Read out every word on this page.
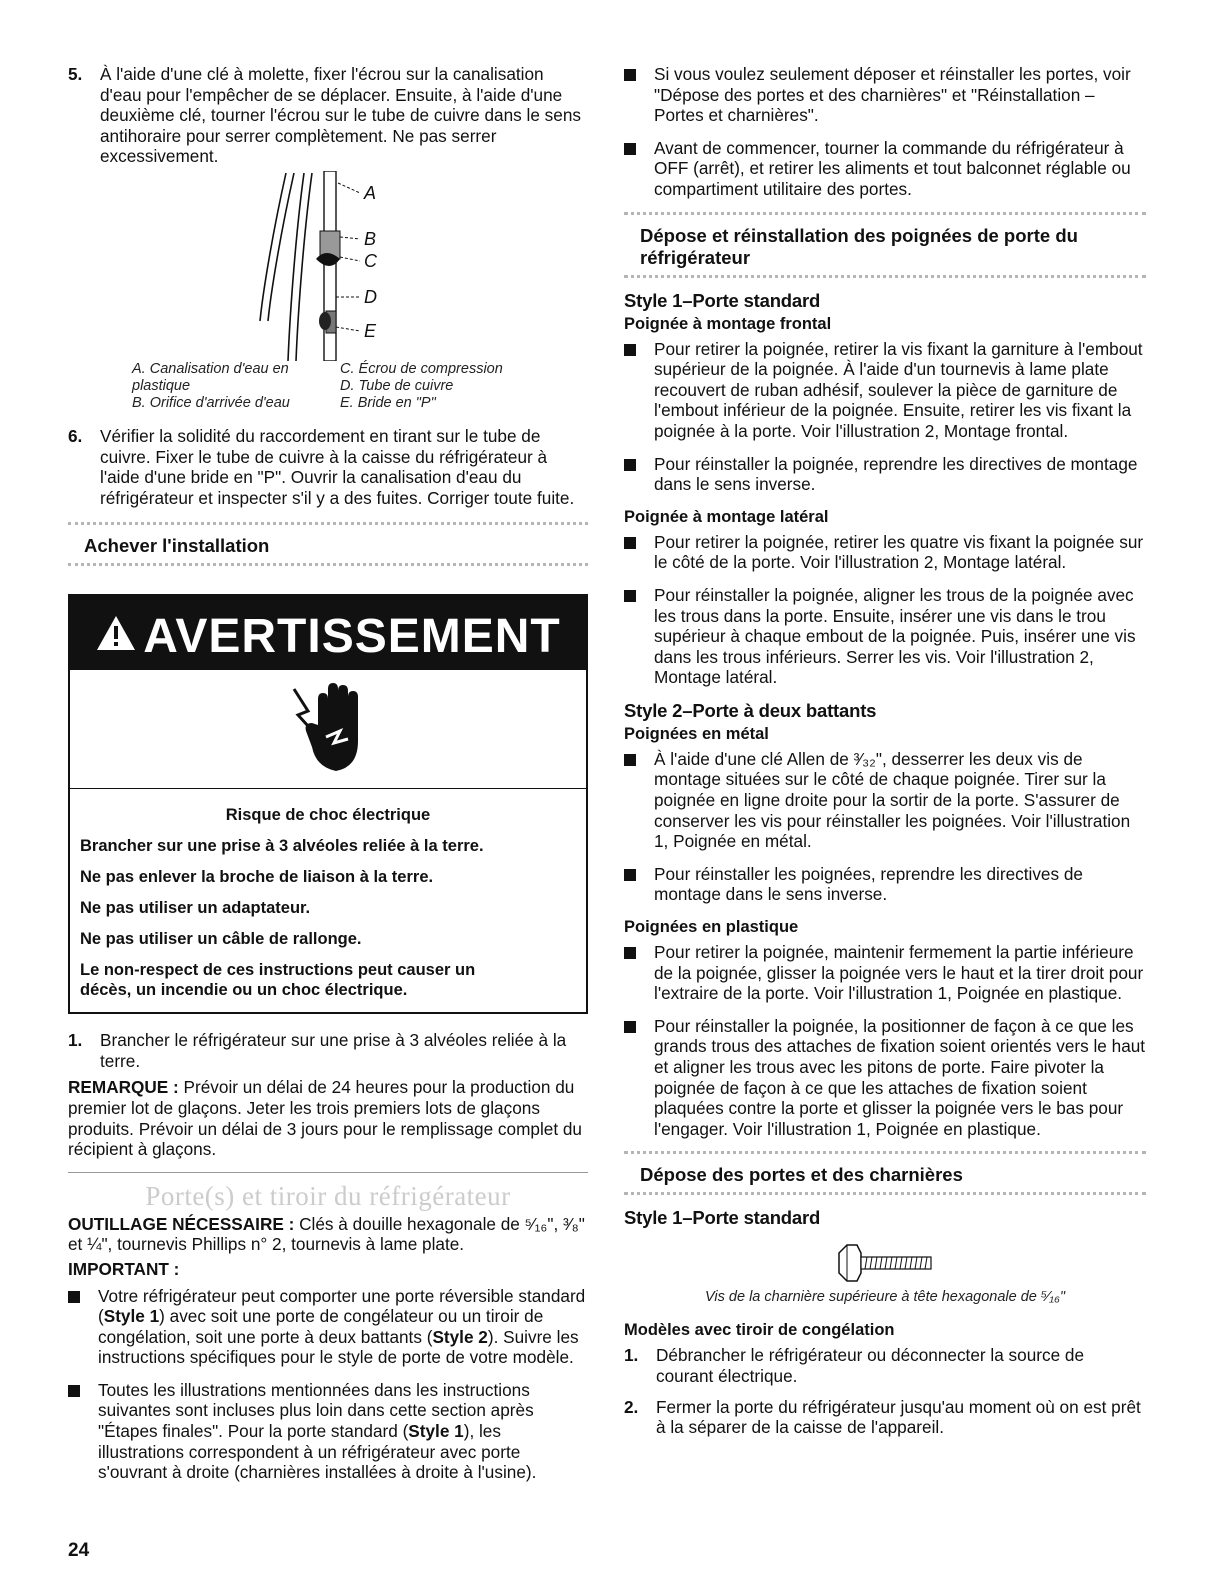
5.	À l'aide d'une clé à molette, fixer l'écrou sur la canalisation d'eau pour l'empêcher de se déplacer. Ensuite, à l'aide d'une deuxième clé, tourner l'écrou sur le tube de cuivre dans le sens antihoraire pour serrer complètement. Ne pas serrer excessivement.
A
B
C
D
E
A. Canalisation d'eau en plastique
B. Orifice d'arrivée d'eau
C. Écrou de compression
D. Tube de cuivre
E. Bride en "P"
6.	Vérifier la solidité du raccordement en tirant sur le tube de cuivre. Fixer le tube de cuivre à la caisse du réfrigérateur à l'aide d'une bride en "P". Ouvrir la canalisation d'eau du réfrigérateur et inspecter s'il y a des fuites. Corriger toute fuite.
Achever l'installation
AVERTISSEMENT

Risque de choc électrique

Brancher sur une prise à 3 alvéoles reliée à la terre.

Ne pas enlever la broche de liaison à la terre.

Ne pas utiliser un adaptateur.

Ne pas utiliser un câble de rallonge.

Le non-respect de ces instructions peut causer un décès, un incendie ou un choc électrique.

1.	Brancher le réfrigérateur sur une prise à 3 alvéoles reliée à la terre.

REMARQUE : Prévoir un délai de 24 heures pour la production du premier lot de glaçons. Jeter les trois premiers lots de glaçons produits. Prévoir un délai de 3 jours pour le remplissage complet du récipient à glaçons.

Porte(s) et tiroir du réfrigérateur

OUTILLAGE NÉCESSAIRE : Clés à douille hexagonale de ⁵⁄₁₆", ³⁄₈" et ¼", tournevis Phillips n° 2, tournevis à lame plate.

IMPORTANT :

Votre réfrigérateur peut comporter une porte réversible standard (Style 1) avec soit une porte de congélateur ou un tiroir de congélation, soit une porte à deux battants (Style 2). Suivre les instructions spécifiques pour le style de porte de votre modèle.
Toutes les illustrations mentionnées dans les instructions suivantes sont incluses plus loin dans cette section après "Étapes finales". Pour la porte standard (Style 1), les illustrations correspondent à un réfrigérateur avec porte s'ouvrant à droite (charnières installées à droite à l'usine).
Si vous voulez seulement déposer et réinstaller les portes, voir "Dépose des portes et des charnières" et "Réinstallation – Portes et charnières".
Avant de commencer, tourner la commande du réfrigérateur à OFF (arrêt), et retirer les aliments et tout balconnet réglable ou compartiment utilitaire des portes.
Dépose et réinstallation des poignées de porte du réfrigérateur
Style 1–Porte standard
Poignée à montage frontal
Pour retirer la poignée, retirer la vis fixant la garniture à l'embout supérieur de la poignée. À l'aide d'un tournevis à lame plate recouvert de ruban adhésif, soulever la pièce de garniture de l'embout inférieur de la poignée. Ensuite, retirer les vis fixant la poignée à la porte. Voir l'illustration 2, Montage frontal.
Pour réinstaller la poignée, reprendre les directives de montage dans le sens inverse.
Poignée à montage latéral
Pour retirer la poignée, retirer les quatre vis fixant la poignée sur le côté de la porte. Voir l'illustration 2, Montage latéral.
Pour réinstaller la poignée, aligner les trous de la poignée avec les trous dans la porte. Ensuite, insérer une vis dans le trou supérieur à chaque embout de la poignée. Puis, insérer une vis dans les trous inférieurs. Serrer les vis. Voir l'illustration 2, Montage latéral.
Style 2–Porte à deux battants
Poignées en métal
À l'aide d'une clé Allen de ³⁄₃₂", desserrer les deux vis de montage situées sur le côté de chaque poignée. Tirer sur la poignée en ligne droite pour la sortir de la porte. S'assurer de conserver les vis pour réinstaller les poignées. Voir l'illustration 1, Poignée en métal.
Pour réinstaller les poignées, reprendre les directives de montage dans le sens inverse.
Poignées en plastique
Pour retirer la poignée, maintenir fermement la partie inférieure de la poignée, glisser la poignée vers le haut et la tirer droit pour l'extraire de la porte. Voir l'illustration 1, Poignée en plastique.
Pour réinstaller la poignée, la positionner de façon à ce que les grands trous des attaches de fixation soient orientés vers le haut et aligner les trous avec les pitons de porte. Faire pivoter la poignée de façon à ce que les attaches de fixation soient plaquées contre la porte et glisser la poignée vers le bas pour l'engager. Voir l'illustration 1, Poignée en plastique.
Dépose des portes et des charnières
Style 1–Porte standard
Vis de la charnière supérieure à tête hexagonale de ⁵⁄₁₆"
Modèles avec tiroir de congélation
1.	Débrancher le réfrigérateur ou déconnecter la source de courant électrique.
2.	Fermer la porte du réfrigérateur jusqu'au moment où on est prêt à la séparer de la caisse de l'appareil.
24
